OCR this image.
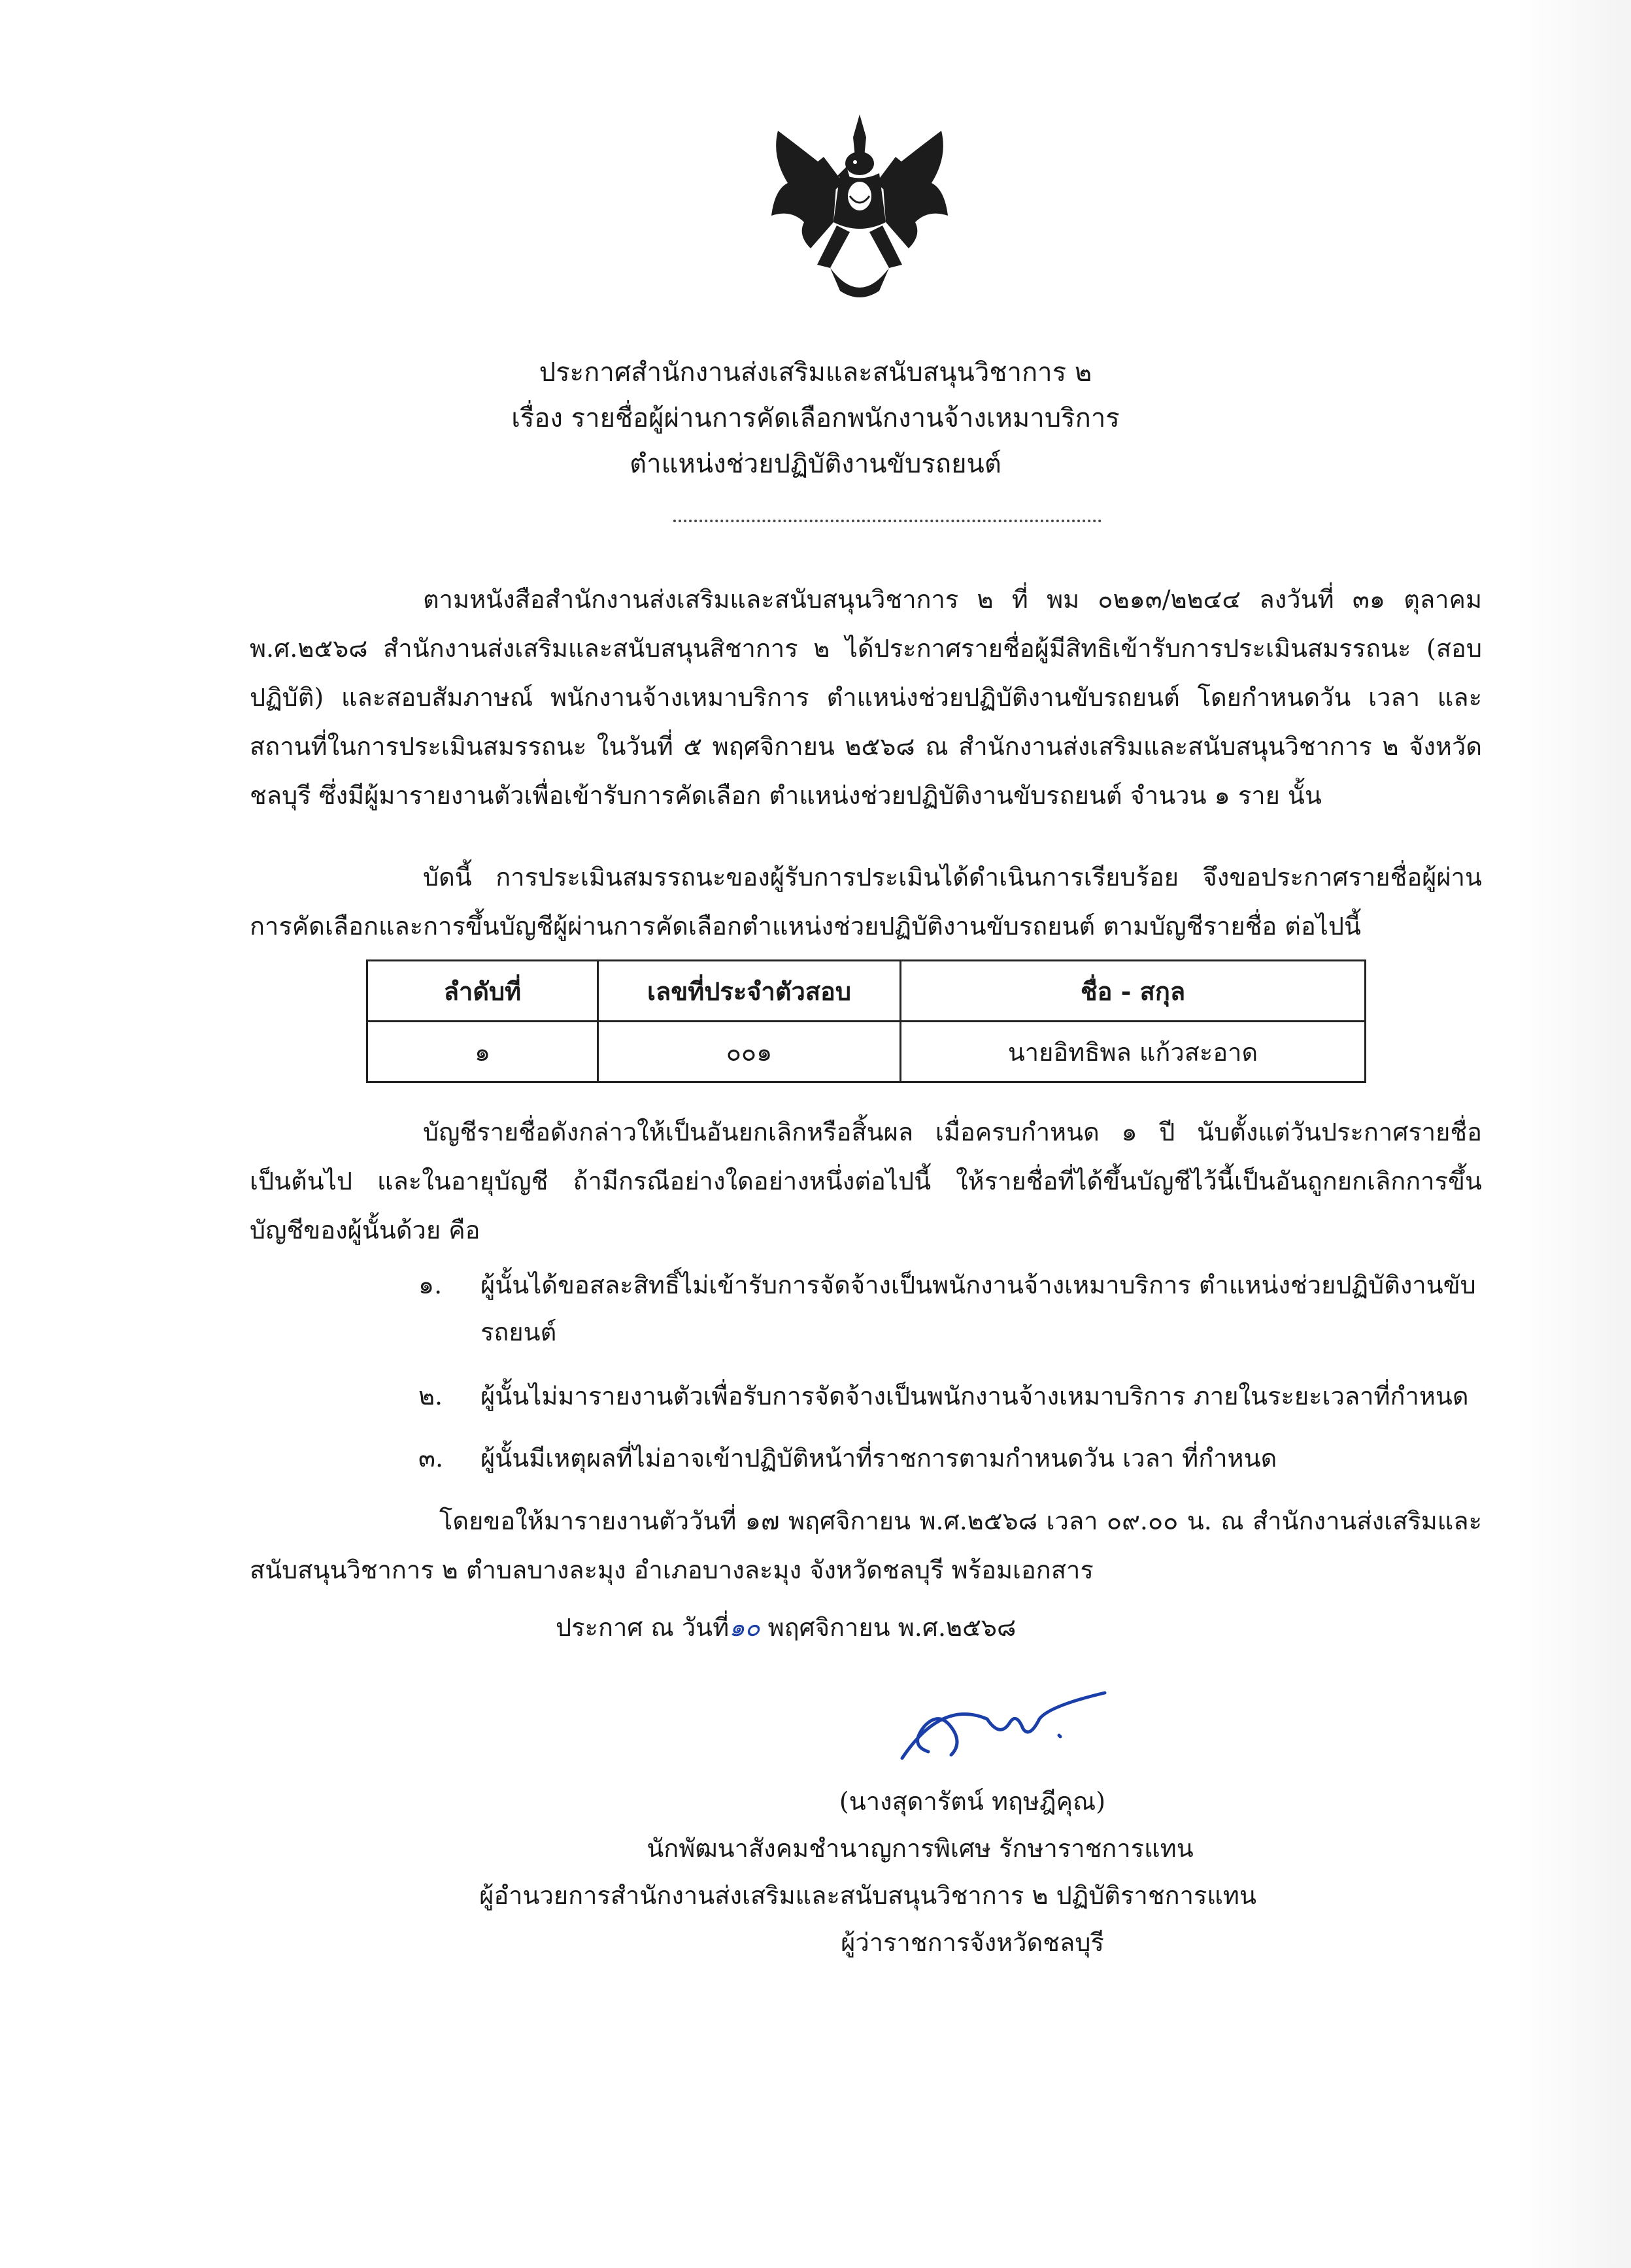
ประกาศสำนักงานส่งเสริมและสนับสนุนวิชาการ ๒
เรื่อง รายชื่อผู้ผ่านการคัดเลือกพนักงานจ้างเหมาบริการ
ตำแหน่งช่วยปฏิบัติงานขับรถยนต์
ตามหนังสือสำนักงานส่งเสริมและสนับสนุนวิชาการ ๒ ที่ พม ๐๒๑๓/๒๒๔๔ ลงวันที่ ๓๑ ตุลาคม พ.ศ.๒๕๖๘ สำนักงานส่งเสริมและสนับสนุนสิชาการ ๒ ได้ประกาศรายชื่อผู้มีสิทธิเข้ารับการประเมินสมรรถนะ (สอบปฏิบัติ) และสอบสัมภาษณ์ พนักงานจ้างเหมาบริการ ตำแหน่งช่วยปฏิบัติงานขับรถยนต์ โดยกำหนดวัน เวลา และสถานที่ในการประเมินสมรรถนะ ในวันที่ ๕ พฤศจิกายน ๒๕๖๘ ณ สำนักงานส่งเสริมและสนับสนุนวิชาการ ๒ จังหวัดชลบุรี ซึ่งมีผู้มารายงานตัวเพื่อเข้ารับการคัดเลือก ตำแหน่งช่วยปฏิบัติงานขับรถยนต์ จำนวน ๑ ราย นั้น
บัดนี้ การประเมินสมรรถนะของผู้รับการประเมินได้ดำเนินการเรียบร้อย จึงขอประกาศรายชื่อผู้ผ่านการคัดเลือกและการขึ้นบัญชีผู้ผ่านการคัดเลือกตำแหน่งช่วยปฏิบัติงานขับรถยนต์ ตามบัญชีรายชื่อ ต่อไปนี้
ลำดับที่	เลขที่ประจำตัวสอบ	ชื่อ - สกุล
๑	๐๐๑	นายอิทธิพล แก้วสะอาด
บัญชีรายชื่อดังกล่าวให้เป็นอันยกเลิกหรือสิ้นผล เมื่อครบกำหนด ๑ ปี นับตั้งแต่วันประกาศรายชื่อ เป็นต้นไป และในอายุบัญชี ถ้ามีกรณีอย่างใดอย่างหนึ่งต่อไปนี้ ให้รายชื่อที่ได้ขึ้นบัญชีไว้นี้เป็นอันถูกยกเลิกการขึ้นบัญชีของผู้นั้นด้วย คือ
๑.	ผู้นั้นได้ขอสละสิทธิ์ไม่เข้ารับการจัดจ้างเป็นพนักงานจ้างเหมาบริการ ตำแหน่งช่วยปฏิบัติงานขับรถยนต์
๒.	ผู้นั้นไม่มารายงานตัวเพื่อรับการจัดจ้างเป็นพนักงานจ้างเหมาบริการ ภายในระยะเวลาที่กำหนด
๓.	ผู้นั้นมีเหตุผลที่ไม่อาจเข้าปฏิบัติหน้าที่ราชการตามกำหนดวัน เวลา ที่กำหนด
โดยขอให้มารายงานตัววันที่ ๑๗ พฤศจิกายน พ.ศ.๒๕๖๘ เวลา ๐๙.๐๐ น. ณ สำนักงานส่งเสริมและสนับสนุนวิชาการ ๒ ตำบลบางละมุง อำเภอบางละมุง จังหวัดชลบุรี พร้อมเอกสาร
ประกาศ ณ วันที่๑๐ พฤศจิกายน พ.ศ.๒๕๖๘
(นางสุดารัตน์ ทฤษฎีคุณ)
นักพัฒนาสังคมชำนาญการพิเศษ รักษาราชการแทน
ผู้อำนวยการสำนักงานส่งเสริมและสนับสนุนวิชาการ ๒ ปฏิบัติราชการแทน
ผู้ว่าราชการจังหวัดชลบุรี
